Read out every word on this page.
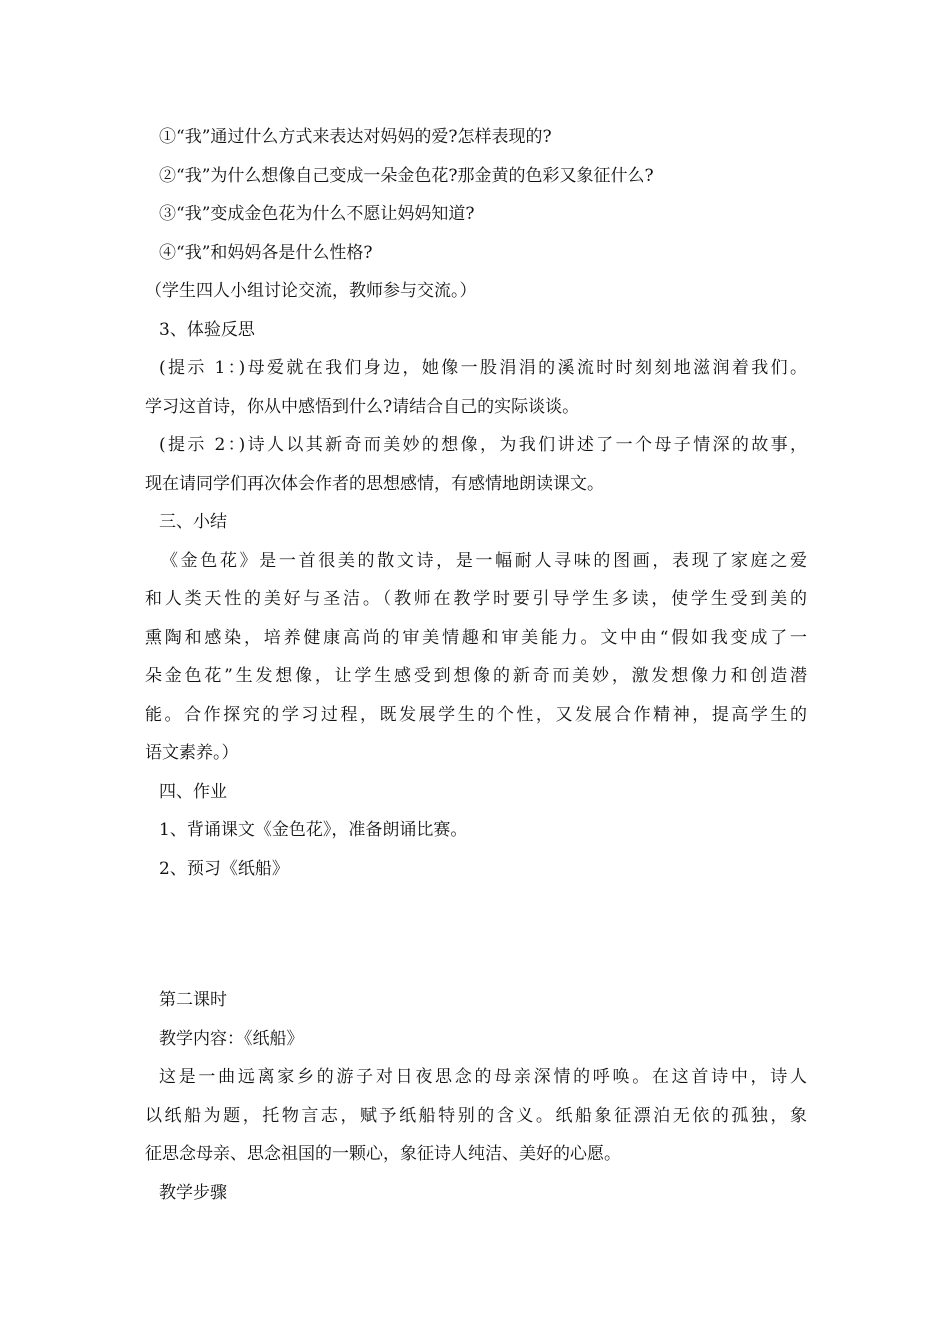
①“我”通过什么方式来表达对妈妈的爱?怎样表现的?
②“我”为什么想像自己变成一朵金色花?那金黄的色彩又象征什么?
③“我”变成金色花为什么不愿让妈妈知道?
④“我”和妈妈各是什么性格?
（学生四人小组讨论交流，教师参与交流。）
3、体验反思
(提示 1：)母爱就在我们身边，她像一股涓涓的溪流时时刻刻地滋润着我们。
学习这首诗，你从中感悟到什么?请结合自己的实际谈谈。
(提示 2：)诗人以其新奇而美妙的想像，为我们讲述了一个母子情深的故事，
现在请同学们再次体会作者的思想感情，有感情地朗读课文。
三、小结
《金色花》是一首很美的散文诗，是一幅耐人寻味的图画，表现了家庭之爱
和人类天性的美好与圣洁。（教师在教学时要引导学生多读，使学生受到美的
熏陶和感染，培养健康高尚的审美情趣和审美能力。文中由“假如我变成了一
朵金色花”生发想像，让学生感受到想像的新奇而美妙，激发想像力和创造潜
能。合作探究的学习过程，既发展学生的个性，又发展合作精神，提高学生的
语文素养。）
四、作业
1、背诵课文《金色花》，准备朗诵比赛。
2、预习《纸船》
第二课时
教学内容：《纸船》
这是一曲远离家乡的游子对日夜思念的母亲深情的呼唤。在这首诗中，诗人
以纸船为题，托物言志，赋予纸船特别的含义。纸船象征漂泊无依的孤独，象
征思念母亲、思念祖国的一颗心，象征诗人纯洁、美好的心愿。
教学步骤
